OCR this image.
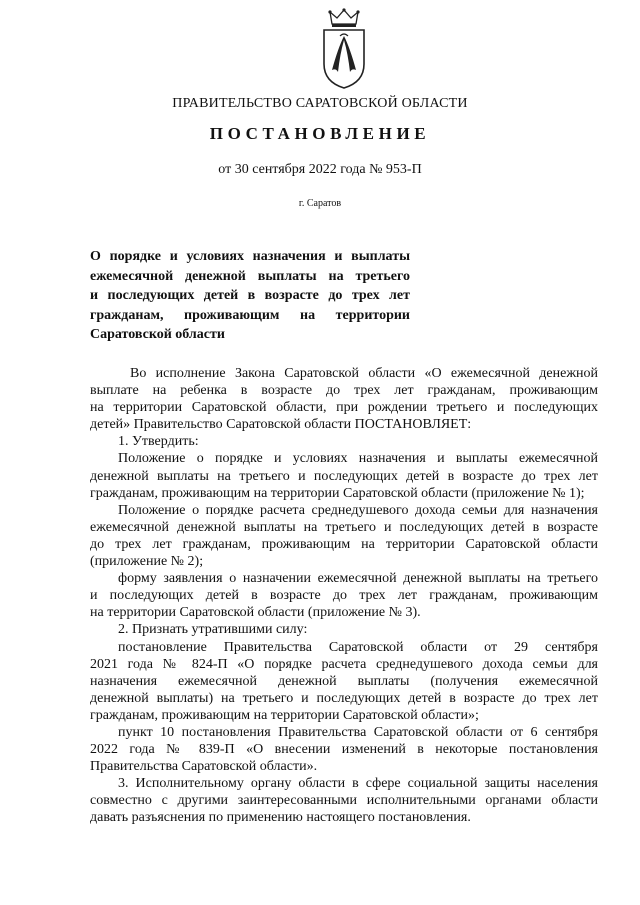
ПРАВИТЕЛЬСТВО САРАТОВСКОЙ ОБЛАСТИ
ПОСТАНОВЛЕНИЕ
от 30 сентября 2022 года № 953-П
г. Саратов
О порядке и условиях назначения и выплаты
ежемесячной денежной выплаты на третьего
и последующих детей в возрасте до трех лет
гражданам, проживающим на территории
Саратовской области
Во исполнение Закона Саратовской области «О ежемесячной денежной
выплате на ребенка в возрасте до трех лет гражданам, проживающим
на территории Саратовской области, при рождении третьего и последующих
детей» Правительство Саратовской области ПОСТАНОВЛЯЕТ:
1. Утвердить:
Положение о порядке и условиях назначения и выплаты ежемесячной
денежной выплаты на третьего и последующих детей в возрасте до трех лет
гражданам, проживающим на территории Саратовской области (приложение № 1);
Положение о порядке расчета среднедушевого дохода семьи для назначения
ежемесячной денежной выплаты на третьего и последующих детей в возрасте
до трех лет гражданам, проживающим на территории Саратовской области
(приложение № 2);
форму заявления о назначении ежемесячной денежной выплаты на третьего
и последующих детей в возрасте до трех лет гражданам, проживающим
на территории Саратовской области (приложение № 3).
2. Признать утратившими силу:
постановление Правительства Саратовской области от 29 сентября
2021 года № 824-П «О порядке расчета среднедушевого дохода семьи для
назначения ежемесячной денежной выплаты (получения ежемесячной
денежной выплаты) на третьего и последующих детей в возрасте до трех лет
гражданам, проживающим на территории Саратовской области»;
пункт 10 постановления Правительства Саратовской области от 6 сентября
2022 года № 839-П «О внесении изменений в некоторые постановления
Правительства Саратовской области».
3. Исполнительному органу области в сфере социальной защиты населения
совместно с другими заинтересованными исполнительными органами области
давать разъяснения по применению настоящего постановления.
